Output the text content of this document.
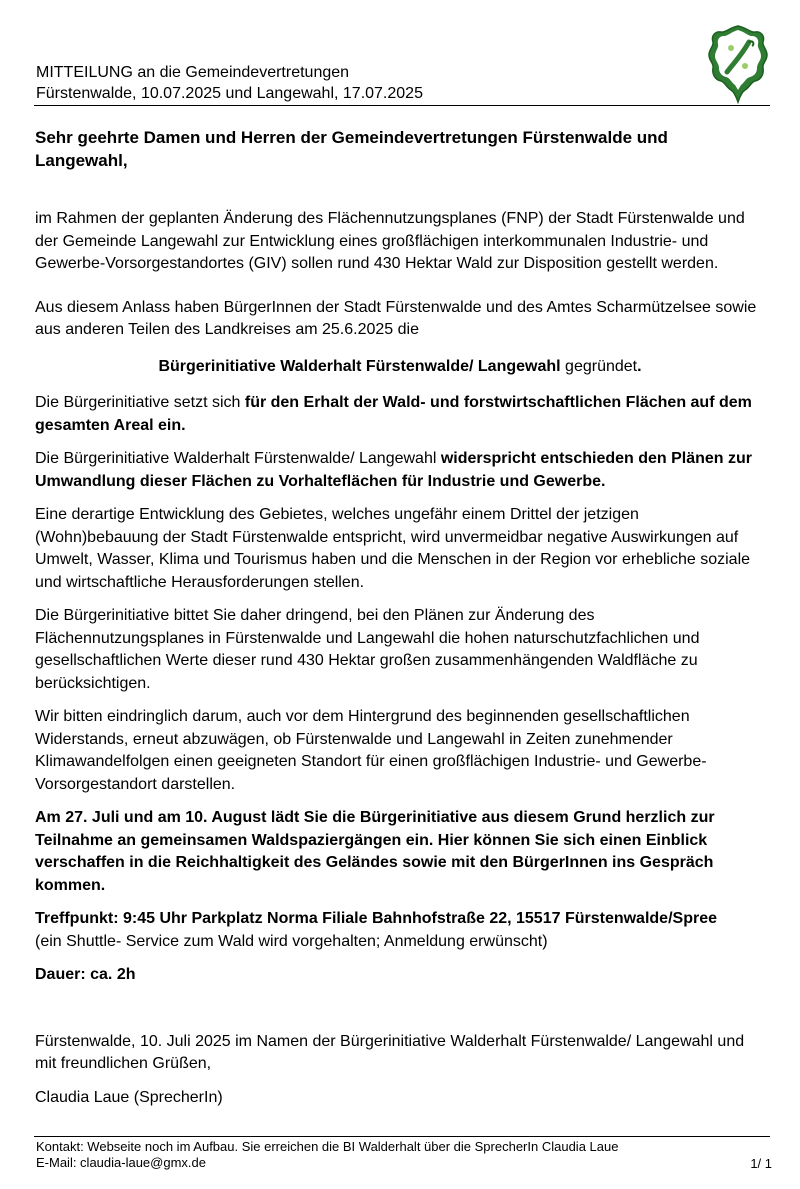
MITTEILUNG an die Gemeindevertretungen
Fürstenwalde, 10.07.2025 und Langewahl, 17.07.2025

Sehr geehrte Damen und Herren der Gemeindevertretungen Fürstenwalde und Langewahl,

im Rahmen der geplanten Änderung des Flächennutzungsplanes (FNP) der Stadt Fürstenwalde und der Gemeinde Langewahl zur Entwicklung eines großflächigen interkommunalen Industrie- und Gewerbe-Vorsorgestandortes (GIV) sollen rund 430 Hektar Wald zur Disposition gestellt werden.

Aus diesem Anlass haben BürgerInnen der Stadt Fürstenwalde und des Amtes Scharmützelsee sowie aus anderen Teilen des Landkreises am 25.6.2025 die

Bürgerinitiative Walderhalt Fürstenwalde/ Langewahl gegründet.

Die Bürgerinitiative setzt sich für den Erhalt der Wald- und forstwirtschaftlichen Flächen auf dem gesamten Areal ein.

Die Bürgerinitiative Walderhalt Fürstenwalde/ Langewahl widerspricht entschieden den Plänen zur Umwandlung dieser Flächen zu Vorhalteflächen für Industrie und Gewerbe.

Eine derartige Entwicklung des Gebietes, welches ungefähr einem Drittel der jetzigen (Wohn)bebauung der Stadt Fürstenwalde entspricht, wird unvermeidbar negative Auswirkungen auf Umwelt, Wasser, Klima und Tourismus haben und die Menschen in der Region vor erhebliche soziale und wirtschaftliche Herausforderungen stellen.

Die Bürgerinitiative bittet Sie daher dringend, bei den Plänen zur Änderung des Flächennutzungsplanes in Fürstenwalde und Langewahl die hohen naturschutzfachlichen und gesellschaftlichen Werte dieser rund 430 Hektar großen zusammenhängenden Waldfläche zu berücksichtigen.

Wir bitten eindringlich darum, auch vor dem Hintergrund des beginnenden gesellschaftlichen Widerstands, erneut abzuwägen, ob Fürstenwalde und Langewahl in Zeiten zunehmender Klimawandelfolgen einen geeigneten Standort für einen großflächigen Industrie- und Gewerbe-Vorsorgestandort darstellen.

Am 27. Juli und am 10. August lädt Sie die Bürgerinitiative aus diesem Grund herzlich zur Teilnahme an gemeinsamen Waldspaziergängen ein. Hier können Sie sich einen Einblick verschaffen in die Reichhaltigkeit des Geländes sowie mit den BürgerInnen ins Gespräch kommen.

Treffpunkt: 9:45 Uhr Parkplatz Norma Filiale Bahnhofstraße 22, 15517 Fürstenwalde/Spree
(ein Shuttle- Service zum Wald wird vorgehalten; Anmeldung erwünscht)

Dauer: ca. 2h

Fürstenwalde, 10. Juli 2025 im Namen der Bürgerinitiative Walderhalt Fürstenwalde/ Langewahl und mit freundlichen Grüßen,

Claudia Laue (SprecherIn)

Kontakt: Webseite noch im Aufbau. Sie erreichen die BI Walderhalt über die SprecherIn Claudia Laue
E-Mail: claudia-laue@gmx.de	1/ 1
